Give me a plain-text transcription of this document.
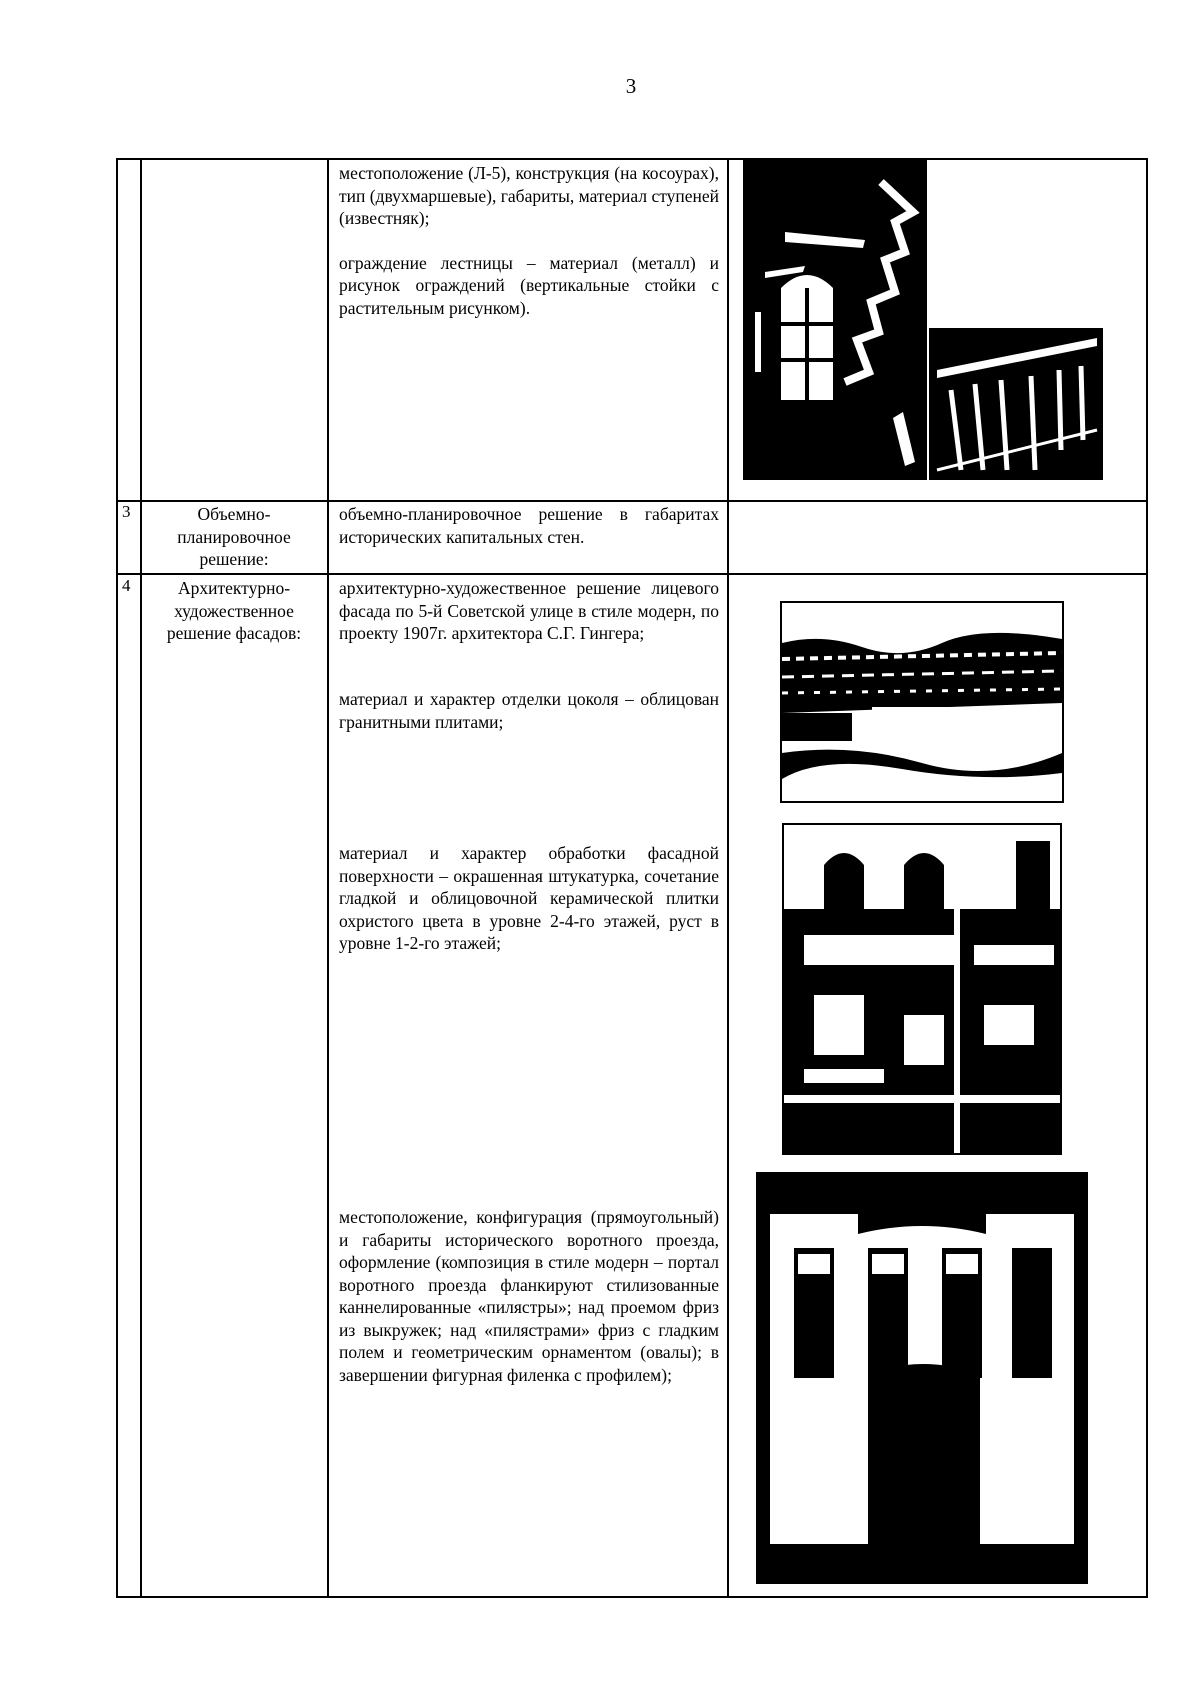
3
местоположение (Л-5), конструкция (на косоурах), тип (двухмаршевые), габариты, материал ступеней (известняк);
ограждение лестницы – материал (металл) и рисунок ограждений (вертикальные стойки с растительным рисунком).
3	Объемно-планировочное решение:
объемно-планировочное решение в габаритах исторических капитальных стен.
4	Архитектурно-художественное решение фасадов:
архитектурно-художественное решение лицевого фасада по 5-й Советской улице в стиле модерн, по проекту 1907г. архитектора С.Г. Гингера;
материал и характер отделки цоколя – облицован гранитными плитами;
материал и характер обработки фасадной поверхности – окрашенная штукатурка, сочетание гладкой и облицовочной керамической плитки охристого цвета в уровне 2-4-го этажей, руст в уровне 1-2-го этажей;
местоположение, конфигурация (прямоугольный) и габариты исторического воротного проезда, оформление (композиция в стиле модерн – портал воротного проезда фланкируют стилизованные каннелированные «пилястры»; над проемом фриз из выкружек; над «пилястрами» фриз с гладким полем и геометрическим орнаментом (овалы); в завершении фигурная филенка с профилем);
